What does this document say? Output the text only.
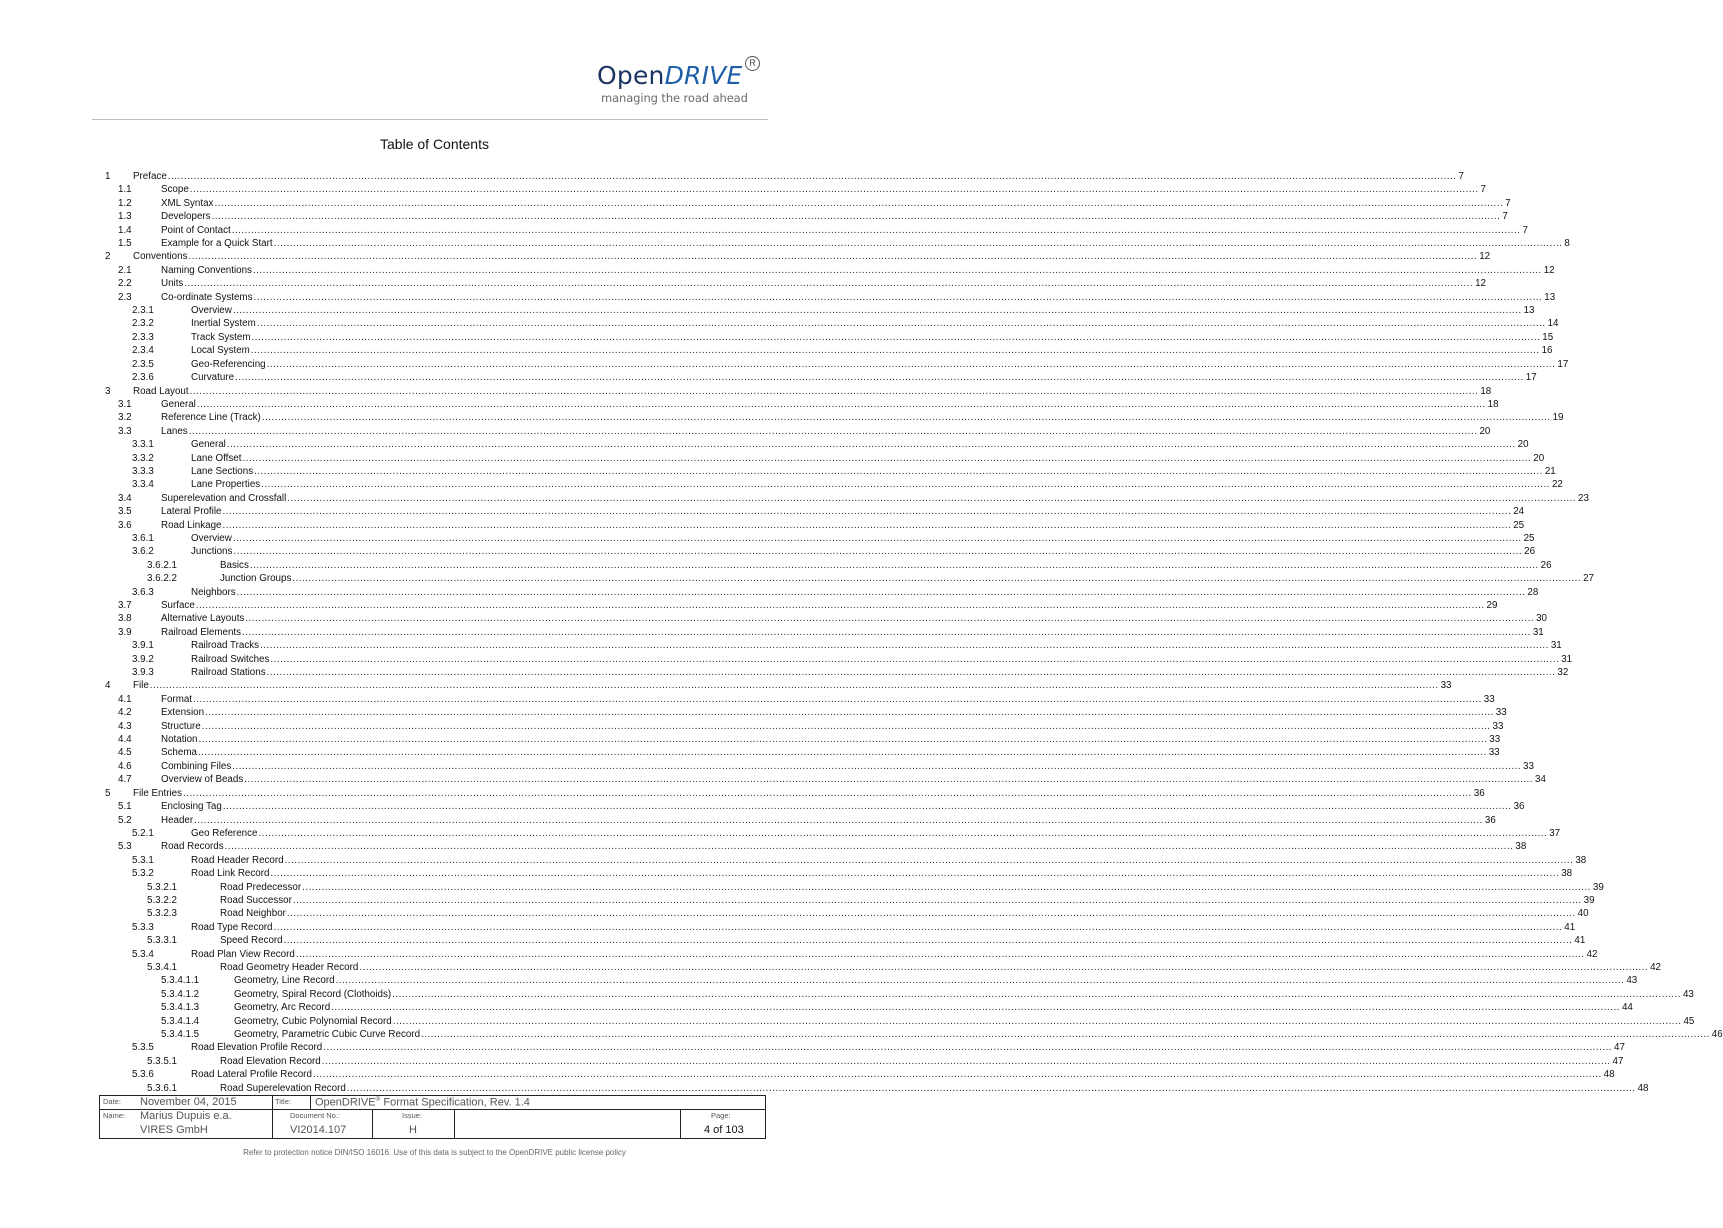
OpenDRIVE R
managing the road ahead
Table of Contents
1 Preface ................................................................................................................................................................................................................................................................................................................................................................................................................ 7
1.1	Scope ................................................................................................................................................................................................................................................................................................................................................................................................................ 7
1.2	XML Syntax ................................................................................................................................................................................................................................................................................................................................................................................................................ 7
1.3	Developers ................................................................................................................................................................................................................................................................................................................................................................................................................ 7
1.4	Point of Contact ................................................................................................................................................................................................................................................................................................................................................................................................................ 7
1.5	Example for a Quick Start ................................................................................................................................................................................................................................................................................................................................................................................................................ 8
2 Conventions ................................................................................................................................................................................................................................................................................................................................................................................................................ 12
2.1	Naming Conventions ................................................................................................................................................................................................................................................................................................................................................................................................................ 12
2.2	Units ................................................................................................................................................................................................................................................................................................................................................................................................................ 12
2.3	Co-ordinate Systems ................................................................................................................................................................................................................................................................................................................................................................................................................ 13
2.3.1	Overview ................................................................................................................................................................................................................................................................................................................................................................................................................ 13
2.3.2	Inertial System ................................................................................................................................................................................................................................................................................................................................................................................................................ 14
2.3.3	Track System ................................................................................................................................................................................................................................................................................................................................................................................................................ 15
2.3.4	Local System ................................................................................................................................................................................................................................................................................................................................................................................................................ 16
2.3.5	Geo-Referencing ................................................................................................................................................................................................................................................................................................................................................................................................................ 17
2.3.6	Curvature ................................................................................................................................................................................................................................................................................................................................................................................................................ 17
3 Road Layout ................................................................................................................................................................................................................................................................................................................................................................................................................ 18
3.1	General ................................................................................................................................................................................................................................................................................................................................................................................................................ 18
3.2	Reference Line (Track) ................................................................................................................................................................................................................................................................................................................................................................................................................ 19
3.3	Lanes ................................................................................................................................................................................................................................................................................................................................................................................................................ 20
3.3.1	General ................................................................................................................................................................................................................................................................................................................................................................................................................ 20
3.3.2	Lane Offset ................................................................................................................................................................................................................................................................................................................................................................................................................ 20
3.3.3	Lane Sections ................................................................................................................................................................................................................................................................................................................................................................................................................ 21
3.3.4	Lane Properties ................................................................................................................................................................................................................................................................................................................................................................................................................ 22
3.4	Superelevation and Crossfall ................................................................................................................................................................................................................................................................................................................................................................................................................ 23
3.5	Lateral Profile ................................................................................................................................................................................................................................................................................................................................................................................................................ 24
3.6	Road Linkage ................................................................................................................................................................................................................................................................................................................................................................................................................ 25
3.6.1	Overview ................................................................................................................................................................................................................................................................................................................................................................................................................ 25
3.6.2	Junctions ................................................................................................................................................................................................................................................................................................................................................................................................................ 26
3.6.2.1	Basics ................................................................................................................................................................................................................................................................................................................................................................................................................ 26
3.6.2.2	Junction Groups ................................................................................................................................................................................................................................................................................................................................................................................................................ 27
3.6.3	Neighbors ................................................................................................................................................................................................................................................................................................................................................................................................................ 28
3.7	Surface ................................................................................................................................................................................................................................................................................................................................................................................................................ 29
3.8	Alternative Layouts ................................................................................................................................................................................................................................................................................................................................................................................................................ 30
3.9	Railroad Elements ................................................................................................................................................................................................................................................................................................................................................................................................................ 31
3.9.1	Railroad Tracks ................................................................................................................................................................................................................................................................................................................................................................................................................ 31
3.9.2	Railroad Switches ................................................................................................................................................................................................................................................................................................................................................................................................................ 31
3.9.3	Railroad Stations ................................................................................................................................................................................................................................................................................................................................................................................................................ 32
4 File ................................................................................................................................................................................................................................................................................................................................................................................................................ 33
4.1	Format ................................................................................................................................................................................................................................................................................................................................................................................................................ 33
4.2	Extension ................................................................................................................................................................................................................................................................................................................................................................................................................ 33
4.3	Structure ................................................................................................................................................................................................................................................................................................................................................................................................................ 33
4.4	Notation ................................................................................................................................................................................................................................................................................................................................................................................................................ 33
4.5	Schema ................................................................................................................................................................................................................................................................................................................................................................................................................ 33
4.6	Combining Files ................................................................................................................................................................................................................................................................................................................................................................................................................ 33
4.7	Overview of Beads ................................................................................................................................................................................................................................................................................................................................................................................................................ 34
5 File Entries ................................................................................................................................................................................................................................................................................................................................................................................................................ 36
5.1	Enclosing Tag ................................................................................................................................................................................................................................................................................................................................................................................................................ 36
5.2	Header ................................................................................................................................................................................................................................................................................................................................................................................................................ 36
5.2.1	Geo Reference ................................................................................................................................................................................................................................................................................................................................................................................................................ 37
5.3	Road Records ................................................................................................................................................................................................................................................................................................................................................................................................................ 38
5.3.1	Road Header Record ................................................................................................................................................................................................................................................................................................................................................................................................................ 38
5.3.2	Road Link Record ................................................................................................................................................................................................................................................................................................................................................................................................................ 38
5.3.2.1	Road Predecessor ................................................................................................................................................................................................................................................................................................................................................................................................................ 39
5.3.2.2	Road Successor ................................................................................................................................................................................................................................................................................................................................................................................................................ 39
5.3.2.3	Road Neighbor ................................................................................................................................................................................................................................................................................................................................................................................................................ 40
5.3.3	Road Type Record ................................................................................................................................................................................................................................................................................................................................................................................................................ 41
5.3.3.1	Speed Record ................................................................................................................................................................................................................................................................................................................................................................................................................ 41
5.3.4	Road Plan View Record ................................................................................................................................................................................................................................................................................................................................................................................................................ 42
5.3.4.1	Road Geometry Header Record ................................................................................................................................................................................................................................................................................................................................................................................................................ 42
5.3.4.1.1	Geometry, Line Record ................................................................................................................................................................................................................................................................................................................................................................................................................ 43
5.3.4.1.2	Geometry, Spiral Record (Clothoids) ................................................................................................................................................................................................................................................................................................................................................................................................................ 43
5.3.4.1.3	Geometry, Arc Record ................................................................................................................................................................................................................................................................................................................................................................................................................ 44
5.3.4.1.4	Geometry, Cubic Polynomial Record ................................................................................................................................................................................................................................................................................................................................................................................................................ 45
5.3.4.1.5	Geometry, Parametric Cubic Curve Record ................................................................................................................................................................................................................................................................................................................................................................................................................ 46
5.3.5	Road Elevation Profile Record ................................................................................................................................................................................................................................................................................................................................................................................................................ 47
5.3.5.1	Road Elevation Record ................................................................................................................................................................................................................................................................................................................................................................................................................ 47
5.3.6	Road Lateral Profile Record ................................................................................................................................................................................................................................................................................................................................................................................................................ 48
5.3.6.1	Road Superelevation Record ................................................................................................................................................................................................................................................................................................................................................................................................................ 48
Date: November 04, 2015	Title: OpenDRIVE® Format Specification, Rev. 1.4
Name: Marius Dupuis e.a.
VIRES GmbH
Document No.:
VI2014.107
Issue:
H
Page:
4 of 103
Refer to protection notice DIN/ISO 16016. Use of this data is subject to the OpenDRIVE public license policy
